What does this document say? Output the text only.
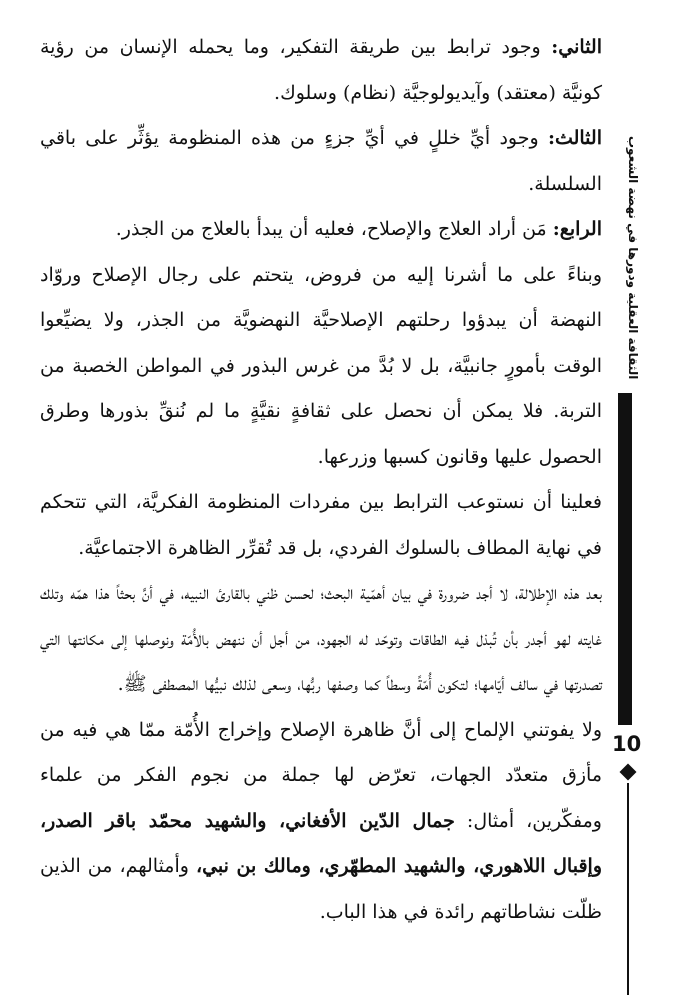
الثاني: وجود ترابط بين طريقة التفكير، وما يحمله الإنسان من رؤية كونيَّة (معتقد) وآيديولوجيَّة (نظام) وسلوك.

الثالث: وجود أيِّ خللٍ في أيِّ جزءٍ من هذه المنظومة يؤثِّر على باقي السلسلة.

الرابع: مَن أراد العلاج والإصلاح، فعليه أن يبدأ بالعلاج من الجذر.

وبناءً على ما أشرنا إليه من فروض، يتحتم على رجال الإصلاح وروّاد النهضة أن يبدؤوا رحلتهم الإصلاحيَّة النهضويَّة من الجذر، ولا يضيِّعوا الوقت بأمورٍ جانبيَّة، بل لا بُدَّ من غرس البذور في المواطن الخصبة من التربة. فلا يمكن أن نحصل على ثقافةٍ نقيَّةٍ ما لم نُنقِّ بذورها وطرق الحصول عليها وقانون كسبها وزرعها.

فعلينا أن نستوعب الترابط بين مفردات المنظومة الفكريَّة، التي تتحكم في نهاية المطاف بالسلوك الفردي، بل قد تُقرِّر الظاهرة الاجتماعيَّة.

بعد هذه الإطلالة، لا أجد ضرورة في بيان أهمّية البحث؛ لحسن ظني بالقارئ النبيه، في أنَّ بحثاً هذا همّه وتلك غايته لهو أجدر بأن تُبذل فيه الطاقات وتوحّد له الجهود، من أجل أن ننهض بالأُمّة ونوصلها إلى مكانتها التي تصدرتها في سالف أيّامها؛ لتكون أُمّةً وسطاً كما وصفها ربُّها، وسعى لذلك نبيُّها المصطفى ﷺ.

ولا يفوتني الإلماح إلى أنَّ ظاهرة الإصلاح وإخراج الأُمّة ممّا هي فيه من مأزق متعدّد الجهات، تعرّض لها جملة من نجوم الفكر من علماء ومفكّرين، أمثال: جمال الدّين الأفغاني، والشهيد محمّد باقر الصدر، وإقبال اللاهوري، والشهيد المطهّري، ومالك بن نبي، وأمثالهم، من الذين ظلّت نشاطاتهم رائدة في هذا الباب.

الثقافة العقلية ودورها في نهضة الشعوب
10
